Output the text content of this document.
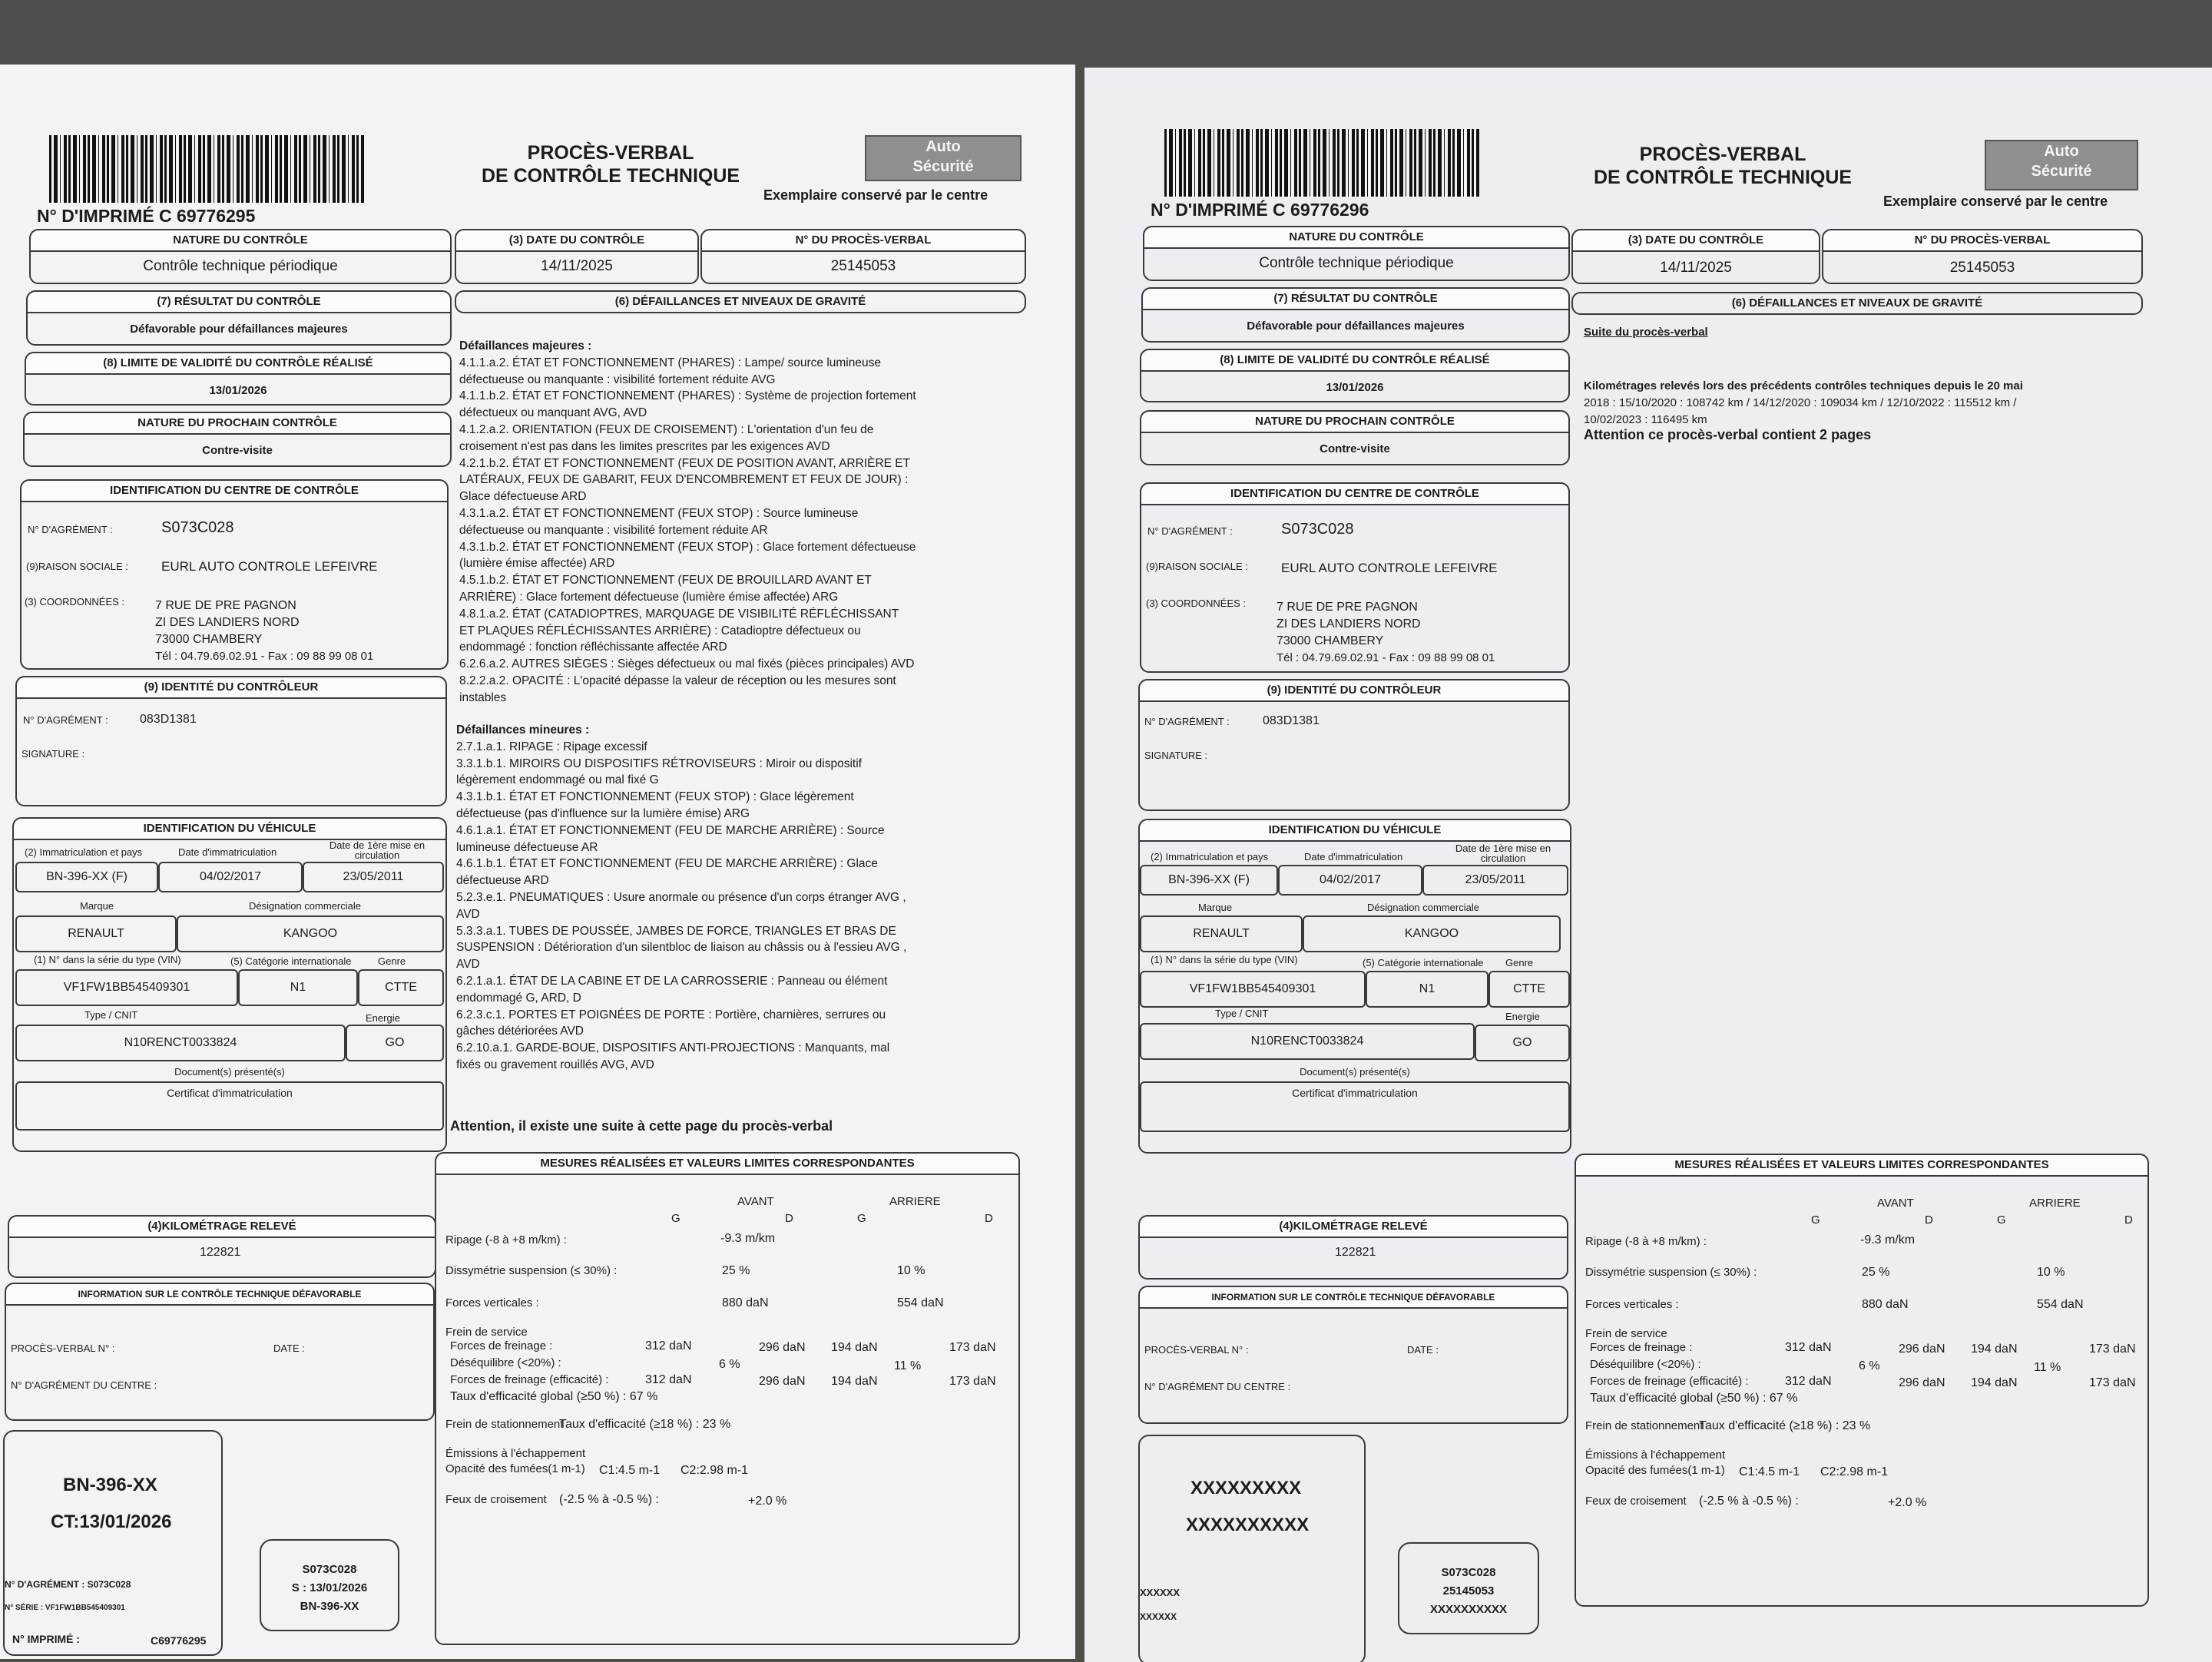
N° D'IMPRIMÉ C 69776295
PROCÈS-VERBAL
DE CONTRÔLE TECHNIQUE
Auto
Sécurité
Exemplaire conservé par le centre
NATURE DU CONTRÔLE
Contrôle technique périodique
(3) DATE DU CONTRÔLE
14/11/2025
N° DU PROCÈS-VERBAL
25145053
(7) RÉSULTAT DU CONTRÔLE
Défavorable pour défaillances majeures
(6) DÉFAILLANCES ET NIVEAUX DE GRAVITÉ
(8) LIMITE DE VALIDITÉ DU CONTRÔLE RÉALISÉ
13/01/2026
NATURE DU PROCHAIN CONTRÔLE
Contre-visite
IDENTIFICATION DU CENTRE DE CONTRÔLE
N° D'AGRÉMENT :	S073C028
(9)RAISON SOCIALE :	EURL AUTO CONTROLE LEFEIVRE
(3) COORDONNÉES : 7 RUE DE PRE PAGNON
ZI DES LANDIERS NORD
73000 CHAMBERY
Tél : 04.79.69.02.91 - Fax : 09 88 99 08 01
(9) IDENTITÉ DU CONTRÔLEUR
N° D'AGRÉMENT :	083D1381
SIGNATURE :
IDENTIFICATION DU VÉHICULE
(2) Immatriculation et pays	Date d'immatriculation
Date de 1ère mise en circulation
BN-396-XX (F)	04/02/2017	23/05/2011
Marque	Désignation commerciale
RENAULT	KANGOO
(1) N° dans la série du type (VIN)	(5) Catégorie internationale	Genre
VF1FW1BB545409301	N1	CTTE
Type / CNIT	Energie
N10RENCT0033824	GO
Document(s) présenté(s)
Certificat d'immatriculation
(4)KILOMÉTRAGE RELEVÉ
122821
INFORMATION SUR LE CONTRÔLE TECHNIQUE DÉFAVORABLE
PROCÈS-VERBAL N° :	DATE :
N° D'AGRÉMENT DU CENTRE :
BN-396-XX
CT:13/01/2026
N° D'AGRÉMENT : S073C028
N° SÉRIE : VF1FW1BB545409301
N° IMPRIMÉ :	C69776295
S073C028
S : 13/01/2026
BN-396-XX
Défaillances majeures :
4.1.1.a.2. ÉTAT ET FONCTIONNEMENT (PHARES) : Lampe/ source lumineuse
défectueuse ou manquante : visibilité fortement réduite AVG
4.1.1.b.2. ÉTAT ET FONCTIONNEMENT (PHARES) : Système de projection fortement
défectueux ou manquant AVG, AVD
4.1.2.a.2. ORIENTATION (FEUX DE CROISEMENT) : L'orientation d'un feu de
croisement n'est pas dans les limites prescrites par les exigences AVD
4.2.1.b.2. ÉTAT ET FONCTIONNEMENT (FEUX DE POSITION AVANT, ARRIÈRE ET
LATÉRAUX, FEUX DE GABARIT, FEUX D'ENCOMBREMENT ET FEUX DE JOUR) :
Glace défectueuse ARD
4.3.1.a.2. ÉTAT ET FONCTIONNEMENT (FEUX STOP) : Source lumineuse
défectueuse ou manquante : visibilité fortement réduite AR
4.3.1.b.2. ÉTAT ET FONCTIONNEMENT (FEUX STOP) : Glace fortement défectueuse
(lumière émise affectée) ARD
4.5.1.b.2. ÉTAT ET FONCTIONNEMENT (FEUX DE BROUILLARD AVANT ET
ARRIÈRE) : Glace fortement défectueuse (lumière émise affectée) ARG
4.8.1.a.2. ÉTAT (CATADIOPTRES, MARQUAGE DE VISIBILITÉ RÉFLÉCHISSANT
ET PLAQUES RÉFLÉCHISSANTES ARRIÈRE) : Catadioptre défectueux ou
endommagé : fonction réfléchissante affectée ARD
6.2.6.a.2. AUTRES SIÈGES : Sièges défectueux ou mal fixés (pièces principales) AVD
8.2.2.a.2. OPACITÉ : L'opacité dépasse la valeur de réception ou les mesures sont
instables
Défaillances mineures :
2.7.1.a.1. RIPAGE : Ripage excessif
3.3.1.b.1. MIROIRS OU DISPOSITIFS RÉTROVISEURS : Miroir ou dispositif
légèrement endommagé ou mal fixé G
4.3.1.b.1. ÉTAT ET FONCTIONNEMENT (FEUX STOP) : Glace légèrement
défectueuse (pas d'influence sur la lumière émise) ARG
4.6.1.a.1. ÉTAT ET FONCTIONNEMENT (FEU DE MARCHE ARRIÈRE) : Source
lumineuse défectueuse AR
4.6.1.b.1. ÉTAT ET FONCTIONNEMENT (FEU DE MARCHE ARRIÈRE) : Glace
défectueuse ARD
5.2.3.e.1. PNEUMATIQUES : Usure anormale ou présence d'un corps étranger AVG ,
AVD
5.3.3.a.1. TUBES DE POUSSÉE, JAMBES DE FORCE, TRIANGLES ET BRAS DE
SUSPENSION : Détérioration d'un silentbloc de liaison au châssis ou à l'essieu AVG ,
AVD
6.2.1.a.1. ÉTAT DE LA CABINE ET DE LA CARROSSERIE : Panneau ou élément
endommagé G, ARD, D
6.2.3.c.1. PORTES ET POIGNÉES DE PORTE : Portière, charnières, serrures ou
gâches détériorées AVD
6.2.10.a.1. GARDE-BOUE, DISPOSITIFS ANTI-PROJECTIONS : Manquants, mal
fixés ou gravement rouillés AVG, AVD
Attention, il existe une suite à cette page du procès-verbal
MESURES RÉALISÉES ET VALEURS LIMITES CORRESPONDANTES
AVANT	ARRIERE
G	D	G	D
Ripage (-8 à +8 m/km) :	-9.3 m/km
Dissymétrie suspension (≤ 30%) :	25 %	10 %
Forces verticales :	880 daN	554 daN
Frein de service
Forces de freinage :	312 daN	296 daN 194 daN	173 daN
Déséquilibre (<20%) :	6 %	11 %
Forces de freinage (efficacité) :	312 daN	296 daN 194 daN	173 daN
Taux d'efficacité global (≥50 %) : 67 %
Frein de stationnement
Taux d'efficacité (≥18 %) : 23 %
Émissions à l'échappement
Opacité des fumées(1 m-1) C1:4.5 m-1 C2:2.98 m-1
Feux de croisement (-2.5 % à -0.5 %) :	+2.0 %
N° D'IMPRIMÉ C 69776296
PROCÈS-VERBAL
DE CONTRÔLE TECHNIQUE
Auto
Sécurité
Exemplaire conservé par le centre
NATURE DU CONTRÔLE
Contrôle technique périodique
(3) DATE DU CONTRÔLE
14/11/2025
N° DU PROCÈS-VERBAL
25145053
(7) RÉSULTAT DU CONTRÔLE
Défavorable pour défaillances majeures
(6) DÉFAILLANCES ET NIVEAUX DE GRAVITÉ
(8) LIMITE DE VALIDITÉ DU CONTRÔLE RÉALISÉ
13/01/2026
NATURE DU PROCHAIN CONTRÔLE
Contre-visite
IDENTIFICATION DU CENTRE DE CONTRÔLE
N° D'AGRÉMENT :	S073C028
(9)RAISON SOCIALE :	EURL AUTO CONTROLE LEFEIVRE
(3) COORDONNÉES : 7 RUE DE PRE PAGNON
ZI DES LANDIERS NORD
73000 CHAMBERY
Tél : 04.79.69.02.91 - Fax : 09 88 99 08 01
(9) IDENTITÉ DU CONTRÔLEUR
N° D'AGRÉMENT :	083D1381
SIGNATURE :
IDENTIFICATION DU VÉHICULE
(2) Immatriculation et pays	Date d'immatriculation
Date de 1ère mise en circulation
BN-396-XX (F)	04/02/2017	23/05/2011
Marque	Désignation commerciale
RENAULT	KANGOO
(1) N° dans la série du type (VIN)	(5) Catégorie internationale Genre
VF1FW1BB545409301	N1	CTTE
Type / CNIT	Energie
N10RENCT0033824	GO
Document(s) présenté(s)
Certificat d'immatriculation
(4)KILOMÉTRAGE RELEVÉ
122821
INFORMATION SUR LE CONTRÔLE TECHNIQUE DÉFAVORABLE
PROCÈS-VERBAL N° :	DATE :
N° D'AGRÉMENT DU CENTRE :
XXXXXXXXX
XXXXXXXXXX
XXXXXX
XXXXXX
S073C028
25145053
XXXXXXXXXX
Suite du procès-verbal
Kilométrages relevés lors des précédents contrôles techniques depuis le 20 mai
2018 : 15/10/2020 : 108742 km / 14/12/2020 : 109034 km / 12/10/2022 : 115512 km /
10/02/2023 : 116495 km
Attention ce procès-verbal contient 2 pages
MESURES RÉALISÉES ET VALEURS LIMITES CORRESPONDANTES
AVANT	ARRIERE
G	D	G	D
Ripage (-8 à +8 m/km) :	-9.3 m/km
Dissymétrie suspension (≤ 30%) :	25 %	10 %
Forces verticales :	880 daN	554 daN
Frein de service
Forces de freinage :	312 daN	296 daN 194 daN	173 daN
Déséquilibre (<20%) :	6 %	11 %
Forces de freinage (efficacité) :	312 daN	296 daN 194 daN	173 daN
Taux d'efficacité global (≥50 %) : 67 %
Frein de stationnement
Taux d'efficacité (≥18 %) : 23 %
Émissions à l'échappement
Opacité des fumées(1 m-1) C1:4.5 m-1 C2:2.98 m-1
Feux de croisement (-2.5 % à -0.5 %) :	+2.0 %
